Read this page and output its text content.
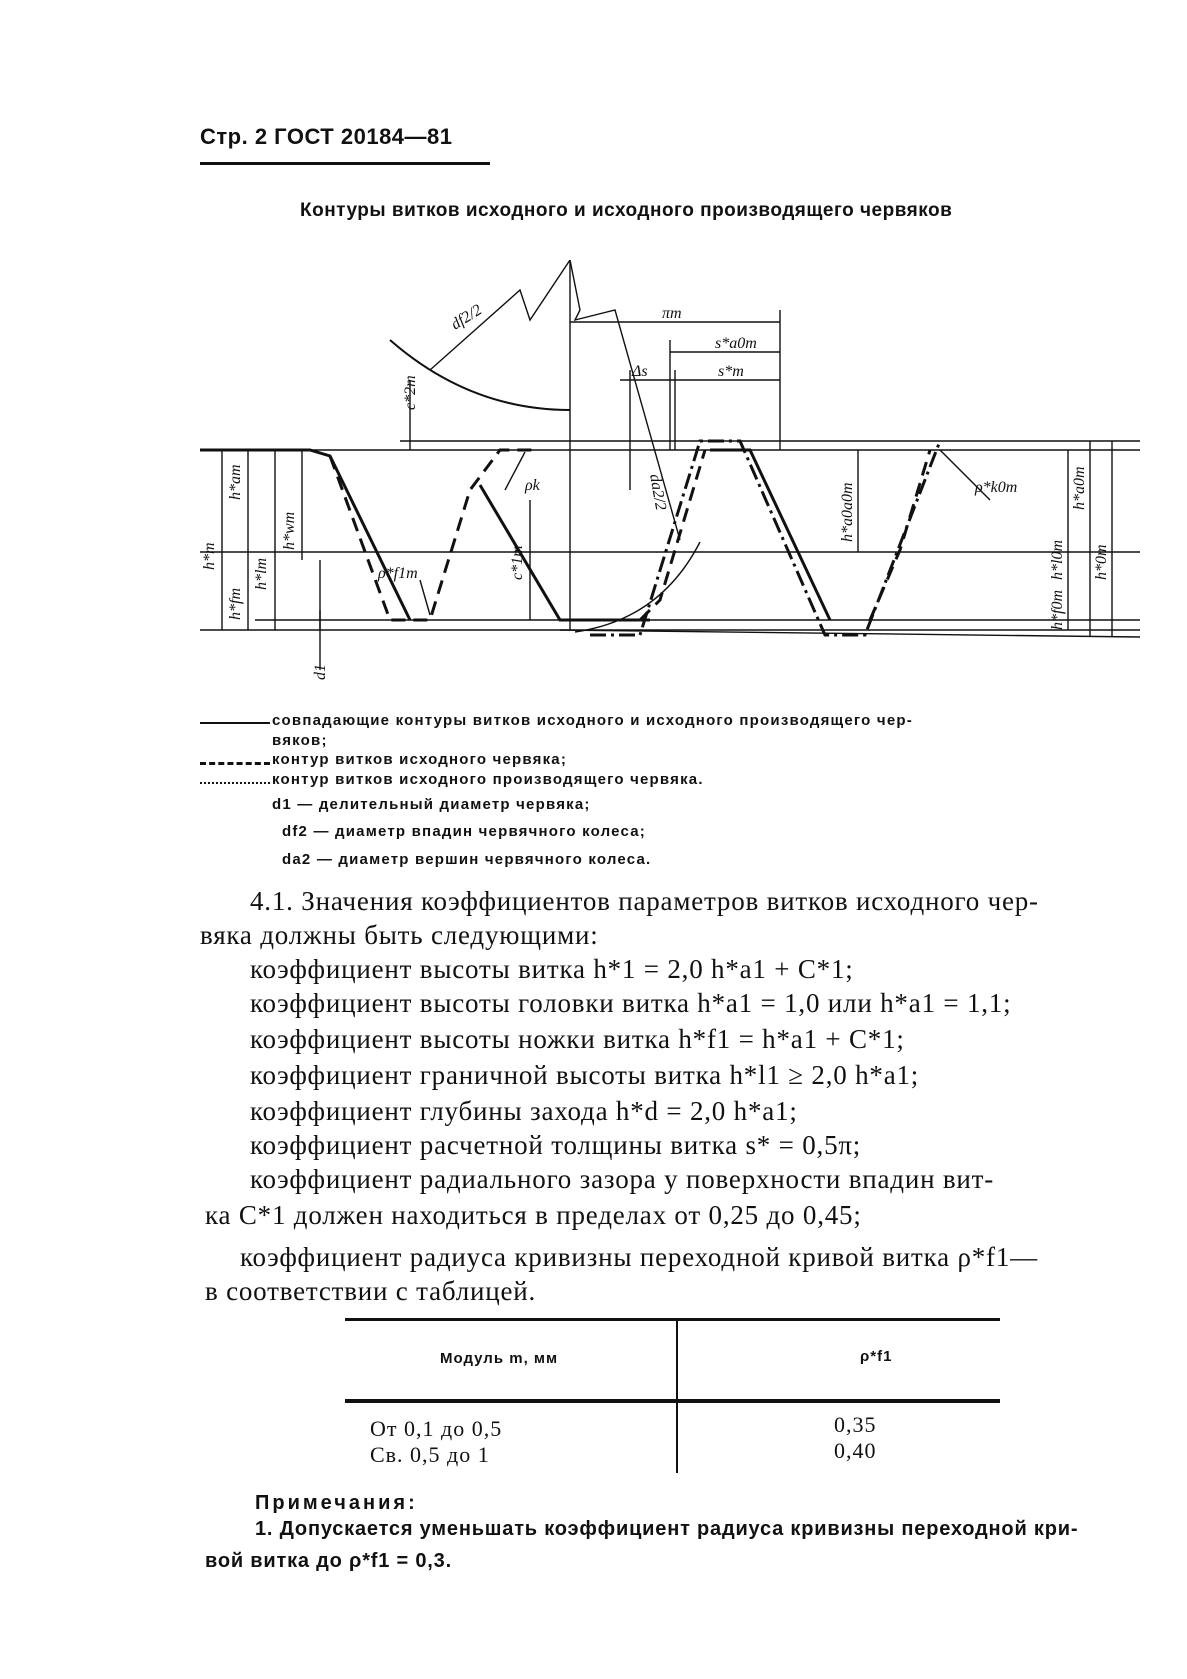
Стр. 2 ГОСТ 20184—81
Контуры витков исходного и исходного производящего червяков
df2/2
da2/2
πm
s*a0m
Δs	s*m
c*2m
ρk	ρ*k0m
h*m
h*am
h*lm
h*wm
h*fm
ρ*f1m	c*1m
d1
h*a0a0m
h*l0m
h*f0m
h*a0m
h*0m
совпадающие контуры витков исходного и исходного производящего чер-
вяков;
контур витков исходного червяка;
контур витков исходного производящего червяка.
d1 — делительный диаметр червяка;
df2 — диаметр впадин червячного колеса;
da2 — диаметр вершин червячного колеса.
4.1. Значения коэффициентов параметров витков исходного чер-
вяка должны быть следующими:
коэффициент высоты витка h*1 = 2,0 h*a1 + C*1;
коэффициент высоты головки витка h*a1 = 1,0 или h*a1 = 1,1;
коэффициент высоты ножки витка h*f1 = h*a1 + C*1;
коэффициент граничной высоты витка h*l1 ≥ 2,0 h*a1;
коэффициент глубины захода h*d = 2,0 h*a1;
коэффициент расчетной толщины витка s* = 0,5π;
коэффициент радиального зазора у поверхности впадин вит-
ка C*1 должен находиться в пределах от 0,25 до 0,45;
коэффициент радиуса кривизны переходной кривой витка ρ*f1—
в соответствии с таблицей.
Модуль m, мм	ρ*f1
От 0,1 до 0,5	0,35
Св. 0,5 до 1	0,40
Примечания:
1. Допускается уменьшать коэффициент радиуса кривизны переходной кри-
вой витка до ρ*f1 = 0,3.
